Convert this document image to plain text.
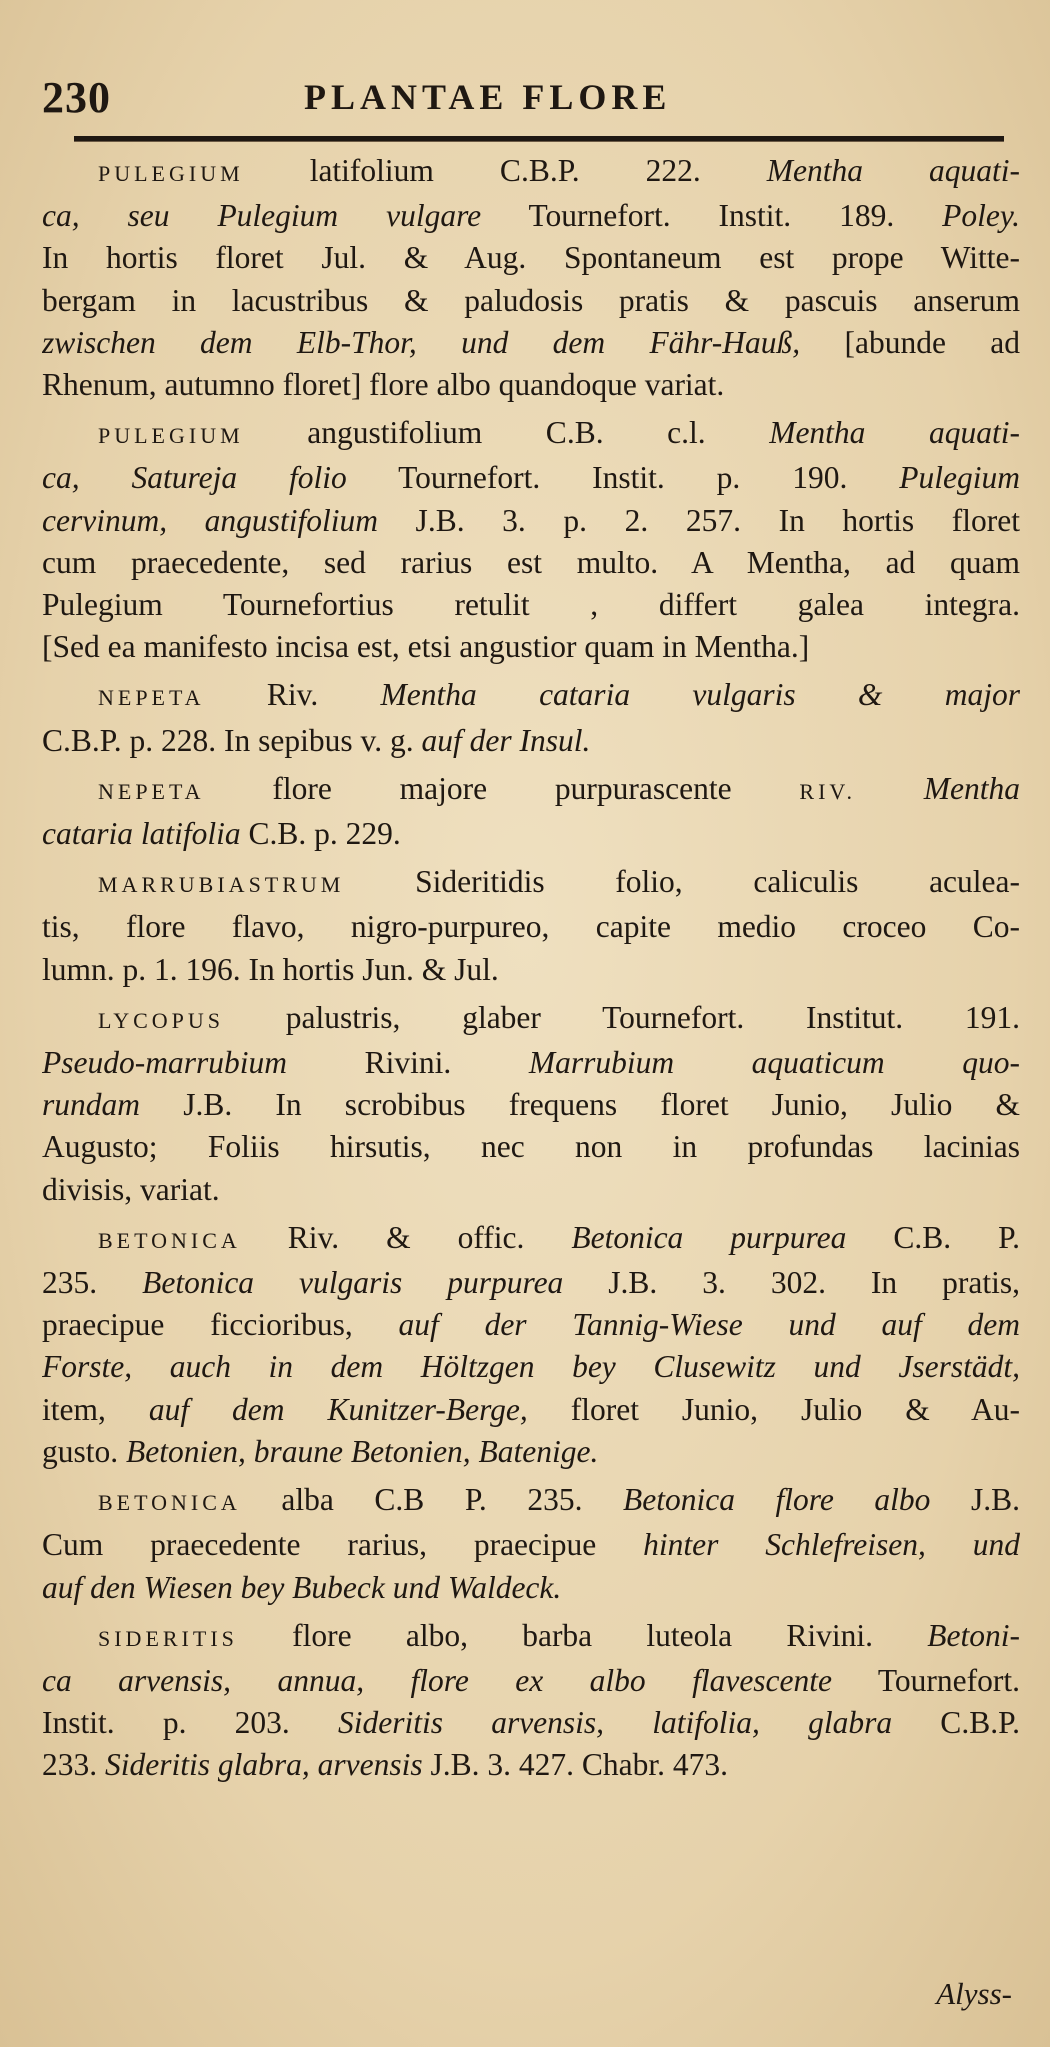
230	PLANTAE FLORE
PULEGIUM latifolium C.B.P. 222. Mentha aquati-
ca, seu Pulegium vulgare Tournefort. Instit. 189. Poley.
In hortis floret Jul. & Aug. Spontaneum est prope Witte-
bergam in lacustribus & paludosis pratis & pascuis anserum
zwischen dem Elb-Thor, und dem Fähr-Hauß, [abunde ad
Rhenum, autumno floret] flore albo quandoque variat.
PULEGIUM angustifolium C.B. c.l. Mentha aquati-
ca, Satureja folio Tournefort. Instit. p. 190. Pulegium
cervinum, angustifolium J.B. 3. p. 2. 257. In hortis floret
cum praecedente, sed rarius est multo. A Mentha, ad quam
Pulegium Tournefortius retulit , differt galea integra.
[Sed ea manifesto incisa est, etsi angustior quam in Mentha.]
NEPETA Riv. Mentha cataria vulgaris & major
C.B.P. p. 228. In sepibus v. g. auf der Insul.
NEPETA flore majore purpurascente RIV. Mentha
cataria latifolia C.B. p. 229.
MARRUBIASTRUM Sideritidis folio, caliculis aculea-
tis, flore flavo, nigro-purpureo, capite medio croceo Co-
lumn. p. 1. 196. In hortis Jun. & Jul.
LYCOPUS palustris, glaber Tournefort. Institut. 191.
Pseudo-marrubium Rivini. Marrubium aquaticum quo-
rundam J.B. In scrobibus frequens floret Junio, Julio &
Augusto; Foliis hirsutis, nec non in profundas lacinias
divisis, variat.
BETONICA Riv. & offic. Betonica purpurea C.B. P.
235. Betonica vulgaris purpurea J.B. 3. 302. In pratis,
praecipue ficcioribus, auf der Tannig-Wiese und auf dem
Forste, auch in dem Höltzgen bey Clusewitz und Jserstädt,
item, auf dem Kunitzer-Berge, floret Junio, Julio & Au-
gusto. Betonien, braune Betonien, Batenige.
BETONICA alba C.B P. 235. Betonica flore albo J.B.
Cum praecedente rarius, praecipue hinter Schlefreisen, und
auf den Wiesen bey Bubeck und Waldeck.
SIDERITIS flore albo, barba luteola Rivini. Betoni-
ca arvensis, annua, flore ex albo flavescente Tournefort.
Instit. p. 203. Sideritis arvensis, latifolia, glabra C.B.P.
233. Sideritis glabra, arvensis J.B. 3. 427. Chabr. 473.
Alyss-
